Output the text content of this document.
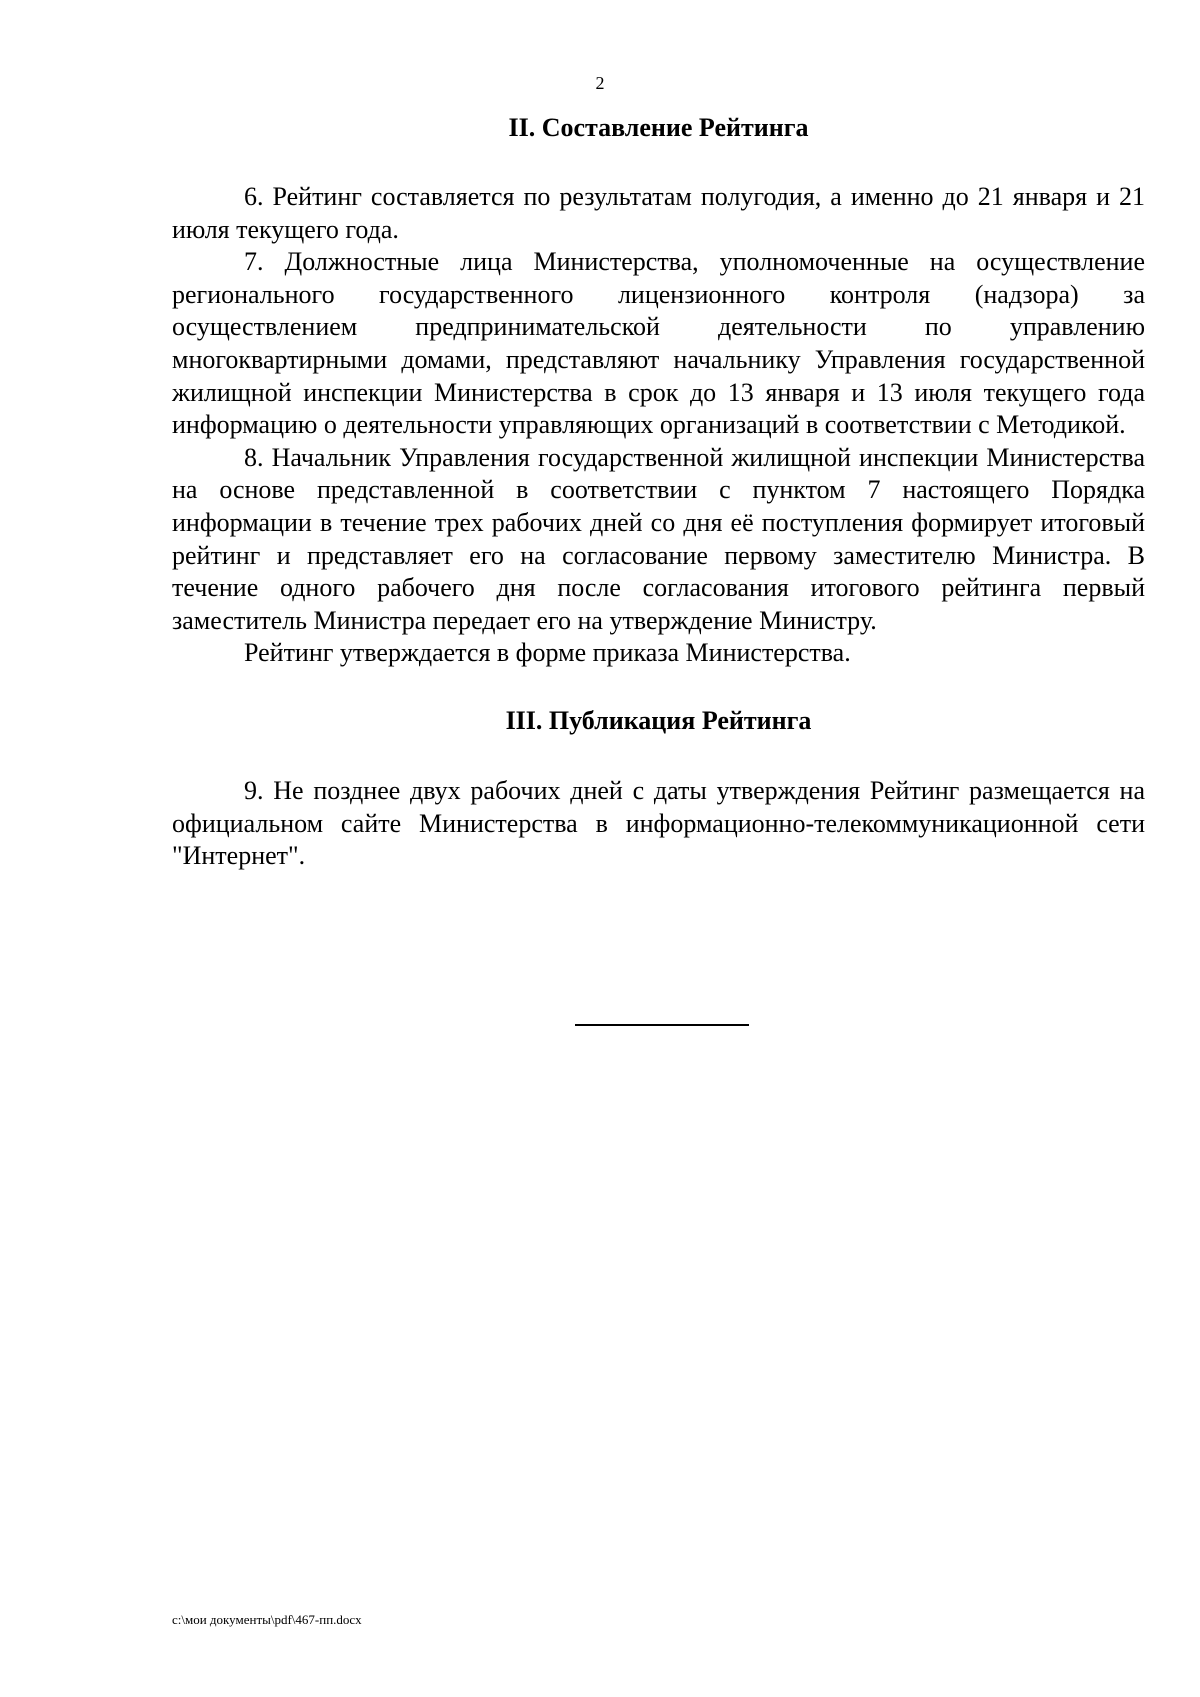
2
II. Составление Рейтинга

6. Рейтинг составляется по результатам полугодия, а именно до 21 января и 21 июля текущего года.

7. Должностные лица Министерства, уполномоченные на осуществление регионального государственного лицензионного контроля (надзора) за осуществлением предпринимательской деятельности по управлению многоквартирными домами, представляют начальнику Управления государственной жилищной инспекции Министерства в срок до 13 января и 13 июля текущего года информацию о деятельности управляющих организаций в соответствии с Методикой.

8. Начальник Управления государственной жилищной инспекции Министерства на основе представленной в соответствии с пунктом 7 настоящего Порядка информации в течение трех рабочих дней со дня её поступления формирует итоговый рейтинг и представляет его на согласование первому заместителю Министра. В течение одного рабочего дня после согласования итогового рейтинга первый заместитель Министра передает его на утверждение Министру.

Рейтинг утверждается в форме приказа Министерства.

III. Публикация Рейтинга

9. Не позднее двух рабочих дней с даты утверждения Рейтинг размещается на официальном сайте Министерства в информационно-телекоммуникационной сети "Интернет".

c:\мои документы\pdf\467-пп.docx
